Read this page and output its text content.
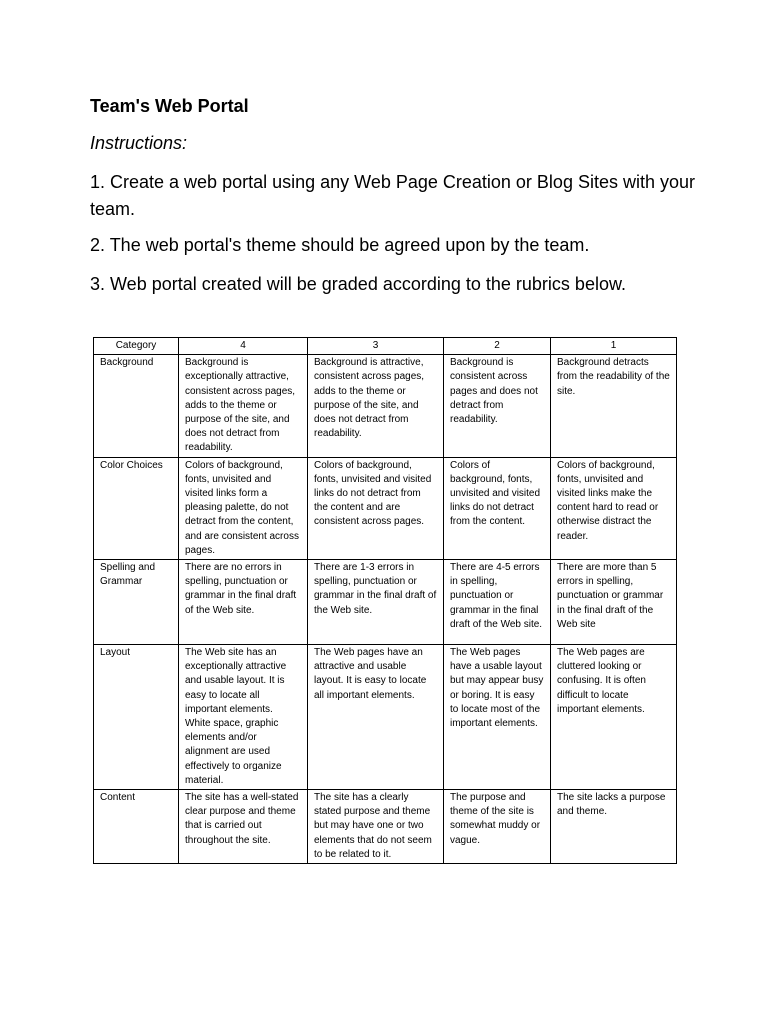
Team's Web Portal

Instructions:

1. Create a web portal using any Web Page Creation or Blog Sites with your team.

2. The web portal's theme should be agreed upon by the team.

3. Web portal created will be graded according to the rubrics below.

Category	4	3	2	1
Background	Background is exceptionally attractive, consistent across pages, adds to the theme or purpose of the site, and does not detract from readability.	Background is attractive, consistent across pages, adds to the theme or purpose of the site, and does not detract from readability.	Background is consistent across pages and does not detract from readability.	Background detracts from the readability of the site.
Color Choices	Colors of background, fonts, unvisited and visited links form a pleasing palette, do not detract from the content, and are consistent across pages.	Colors of background, fonts, unvisited and visited links do not detract from the content and are consistent across pages.	Colors of background, fonts, unvisited and visited links do not detract from the content.	Colors of background, fonts, unvisited and visited links make the content hard to read or otherwise distract the reader.
Spelling and Grammar	There are no errors in spelling, punctuation or grammar in the final draft of the Web site.	There are 1-3 errors in spelling, punctuation or grammar in the final draft of the Web site.	There are 4-5 errors in spelling, punctuation or grammar in the final draft of the Web site.	There are more than 5 errors in spelling, punctuation or grammar in the final draft of the Web site
Layout	The Web site has an exceptionally attractive and usable layout. It is easy to locate all important elements. White space, graphic elements and/or alignment are used effectively to organize material.	The Web pages have an attractive and usable layout. It is easy to locate all important elements.	The Web pages have a usable layout but may appear busy or boring. It is easy to locate most of the important elements.	The Web pages are cluttered looking or confusing. It is often difficult to locate important elements.
Content	The site has a well-stated clear purpose and theme that is carried out throughout the site.	The site has a clearly stated purpose and theme but may have one or two elements that do not seem to be related to it.	The purpose and theme of the site is somewhat muddy or vague.	The site lacks a purpose and theme.
